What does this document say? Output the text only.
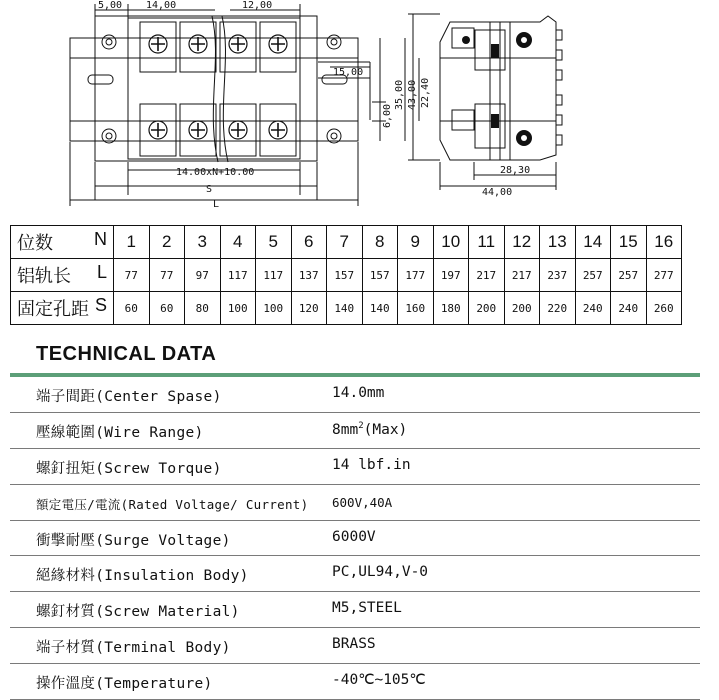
5,00 14,00	12,00
15,00
6,00
35,00
14.00xN+10.00
S
L
43,00 22,40
28,30
44,00
位数 N	1	2	3	4	5	6	7	8	9	10	11	12	13	14	15	16
铝轨长 L	77	77	97	117	117	137	157	157	177	197	217	217	237	257	257	277
固定孔距 S	60	60	80	100	100	120	140	140	160	180	200	200	220	240	240	260
TECHNICAL DATA
端子間距(Center Spase)	14.0mm
壓線範圍(Wire Range)	$8mm^2(Max)$
螺釘扭矩(Screw Torque)	14 lbf.in
額定電压/電流(Rated Voltage/ Current) 600V,40A
衝擊耐壓(Surge Voltage)	6000V
絕緣材料(Insulation Body)	PC,UL94,V-0
螺釘材質(Screw Material)	M5,STEEL
端子材質(Terminal Body)	BRASS
操作溫度(Temperature)	-40℃~105℃
